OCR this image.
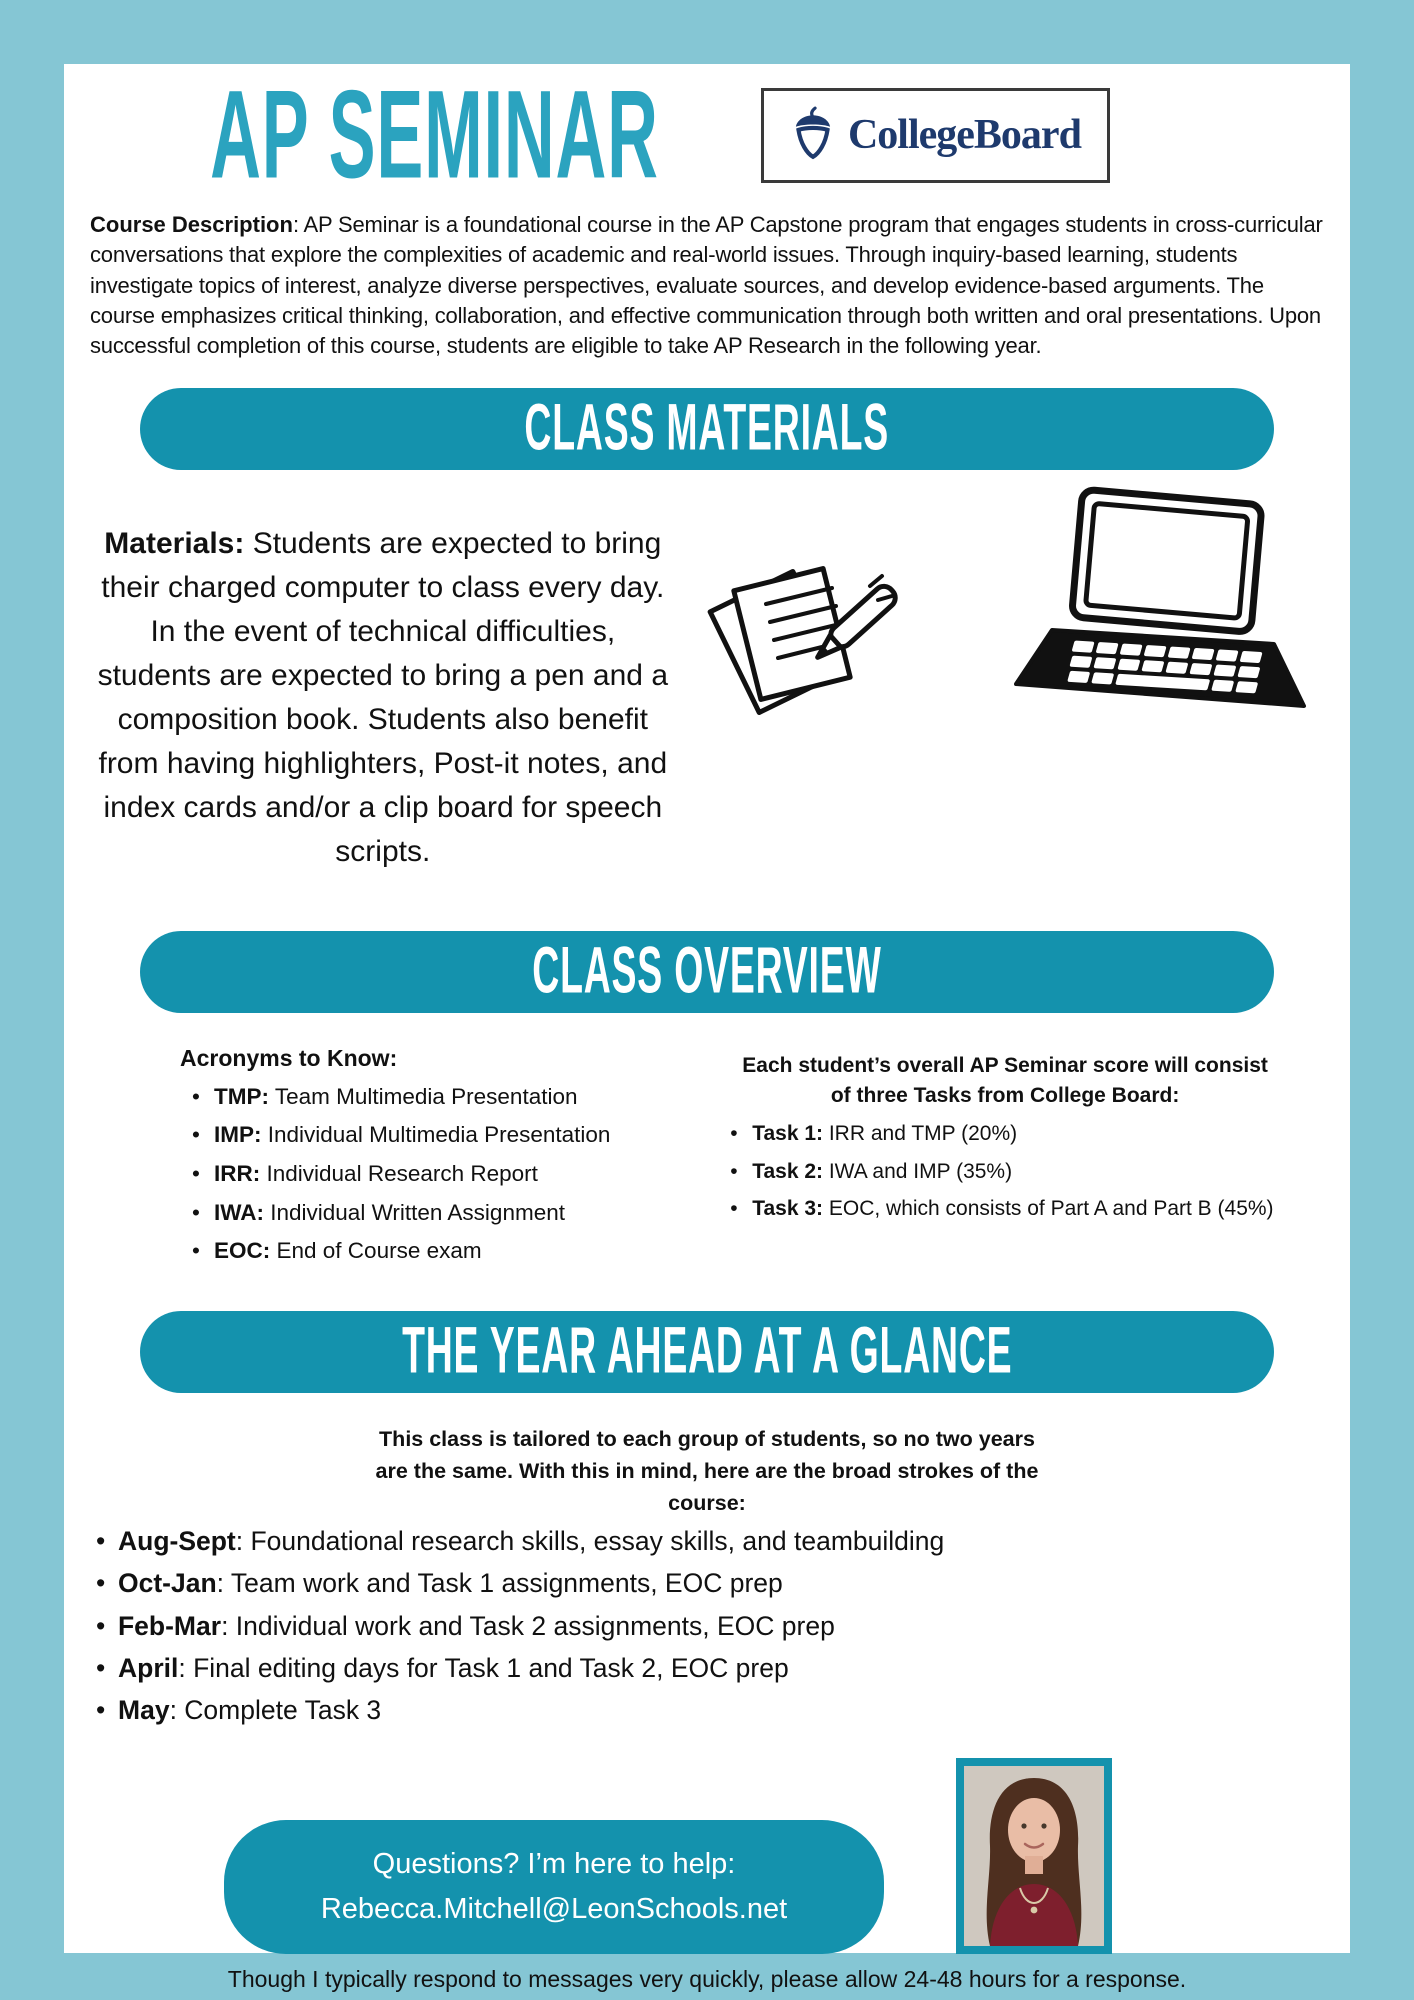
AP SEMINAR	CollegeBoard

Course Description: AP Seminar is a foundational course in the AP Capstone program that engages students in cross-curricular conversations that explore the complexities of academic and real-world issues. Through inquiry-based learning, students investigate topics of interest, analyze diverse perspectives, evaluate sources, and develop evidence-based arguments. The course emphasizes critical thinking, collaboration, and effective communication through both written and oral presentations. Upon successful completion of this course, students are eligible to take AP Research in the following year.

CLASS MATERIALS

Materials: Students are expected to bring their charged computer to class every day. In the event of technical difficulties, students are expected to bring a pen and a composition book. Students also benefit from having highlighters, Post-it notes, and index cards and/or a clip board for speech scripts.

CLASS OVERVIEW

Acronyms to Know:

• TMP: Team Multimedia Presentation
• IMP: Individual Multimedia Presentation
• IRR: Individual Research Report
• IWA: Individual Written Assignment
• EOC: End of Course exam

Each student’s overall AP Seminar score will consist of three Tasks from College Board:

• Task 1: IRR and TMP (20%)
• Task 2: IWA and IMP (35%)
• Task 3: EOC, which consists of Part A and Part B (45%)
THE YEAR AHEAD AT A GLANCE

This class is tailored to each group of students, so no two years are the same. With this in mind, here are the broad strokes of the course:

• Aug-Sept: Foundational research skills, essay skills, and teambuilding
• Oct-Jan: Team work and Task 1 assignments, EOC prep
• Feb-Mar: Individual work and Task 2 assignments, EOC prep
• April: Final editing days for Task 1 and Task 2, EOC prep
• May: Complete Task 3
Questions? I’m here to help:
Rebecca.Mitchell@LeonSchools.net

Though I typically respond to messages very quickly, please allow 24-48 hours for a response.
